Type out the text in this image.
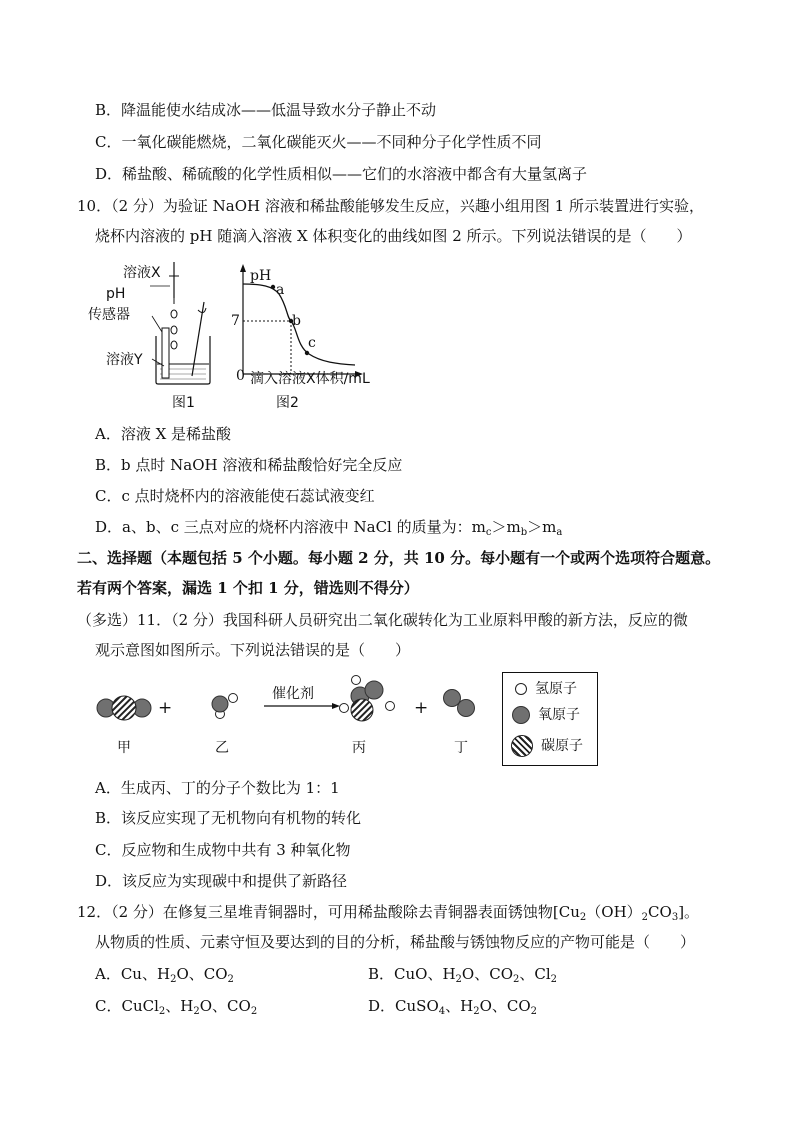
B．降温能使水结成冰——低温导致水分子静止不动
C．一氧化碳能燃烧，二氧化碳能灭火——不同种分子化学性质不同
D．稀盐酸、稀硫酸的化学性质相似——它们的水溶液中都含有大量氢离子
10．（2 分）为验证 NaOH 溶液和稀盐酸能够发生反应，兴趣小组用图 1 所示装置进行实验，
烧杯内溶液的 pH 随滴入溶液 X 体积变化的曲线如图 2 所示。下列说法错误的是（　　）
溶液X
pH
传感器
溶液Y
图1
pH
7
0 滴入溶液X体积/mL
a
b
c
图2
A．溶液 X 是稀盐酸
B．b 点时 NaOH 溶液和稀盐酸恰好完全反应
C．c 点时烧杯内的溶液能使石蕊试液变红
D．a、b、c 三点对应的烧杯内溶液中 NaCl 的质量为：$m_c>m_b>m_a$
二、选择题（本题包括 5 个小题。每小题 2 分，共 10 分。每小题有一个或两个选项符合题意。
若有两个答案，漏选 1 个扣 1 分，错选则不得分）
（多选）11．（2 分）我国科研人员研究出二氧化碳转化为工业原料甲酸的新方法，反应的微
观示意图如图所示。下列说法错误的是（　　）
+	+
催化剂
甲	乙	丙	丁
氢原子
氧原子
碳原子
A．生成丙、丁的分子个数比为 1：1
B．该反应实现了无机物向有机物的转化
C．反应物和生成物中共有 3 种氧化物
D．该反应为实现碳中和提供了新路径
12．（2 分）在修复三星堆青铜器时，可用稀盐酸除去青铜器表面锈蚀物$[Cu_2(OH)_2CO_3]$。
从物质的性质、元素守恒及要达到的目的分析，稀盐酸与锈蚀物反应的产物可能是（　　）
A．Cu、$H_2O$、$CO_2$	B．CuO、$H_2O$、$CO_2$、$Cl_2$
C．CuCl$_2$、$H_2O$、$CO_2$	D．CuSO$_4$、$H_2O$、$CO_2$
